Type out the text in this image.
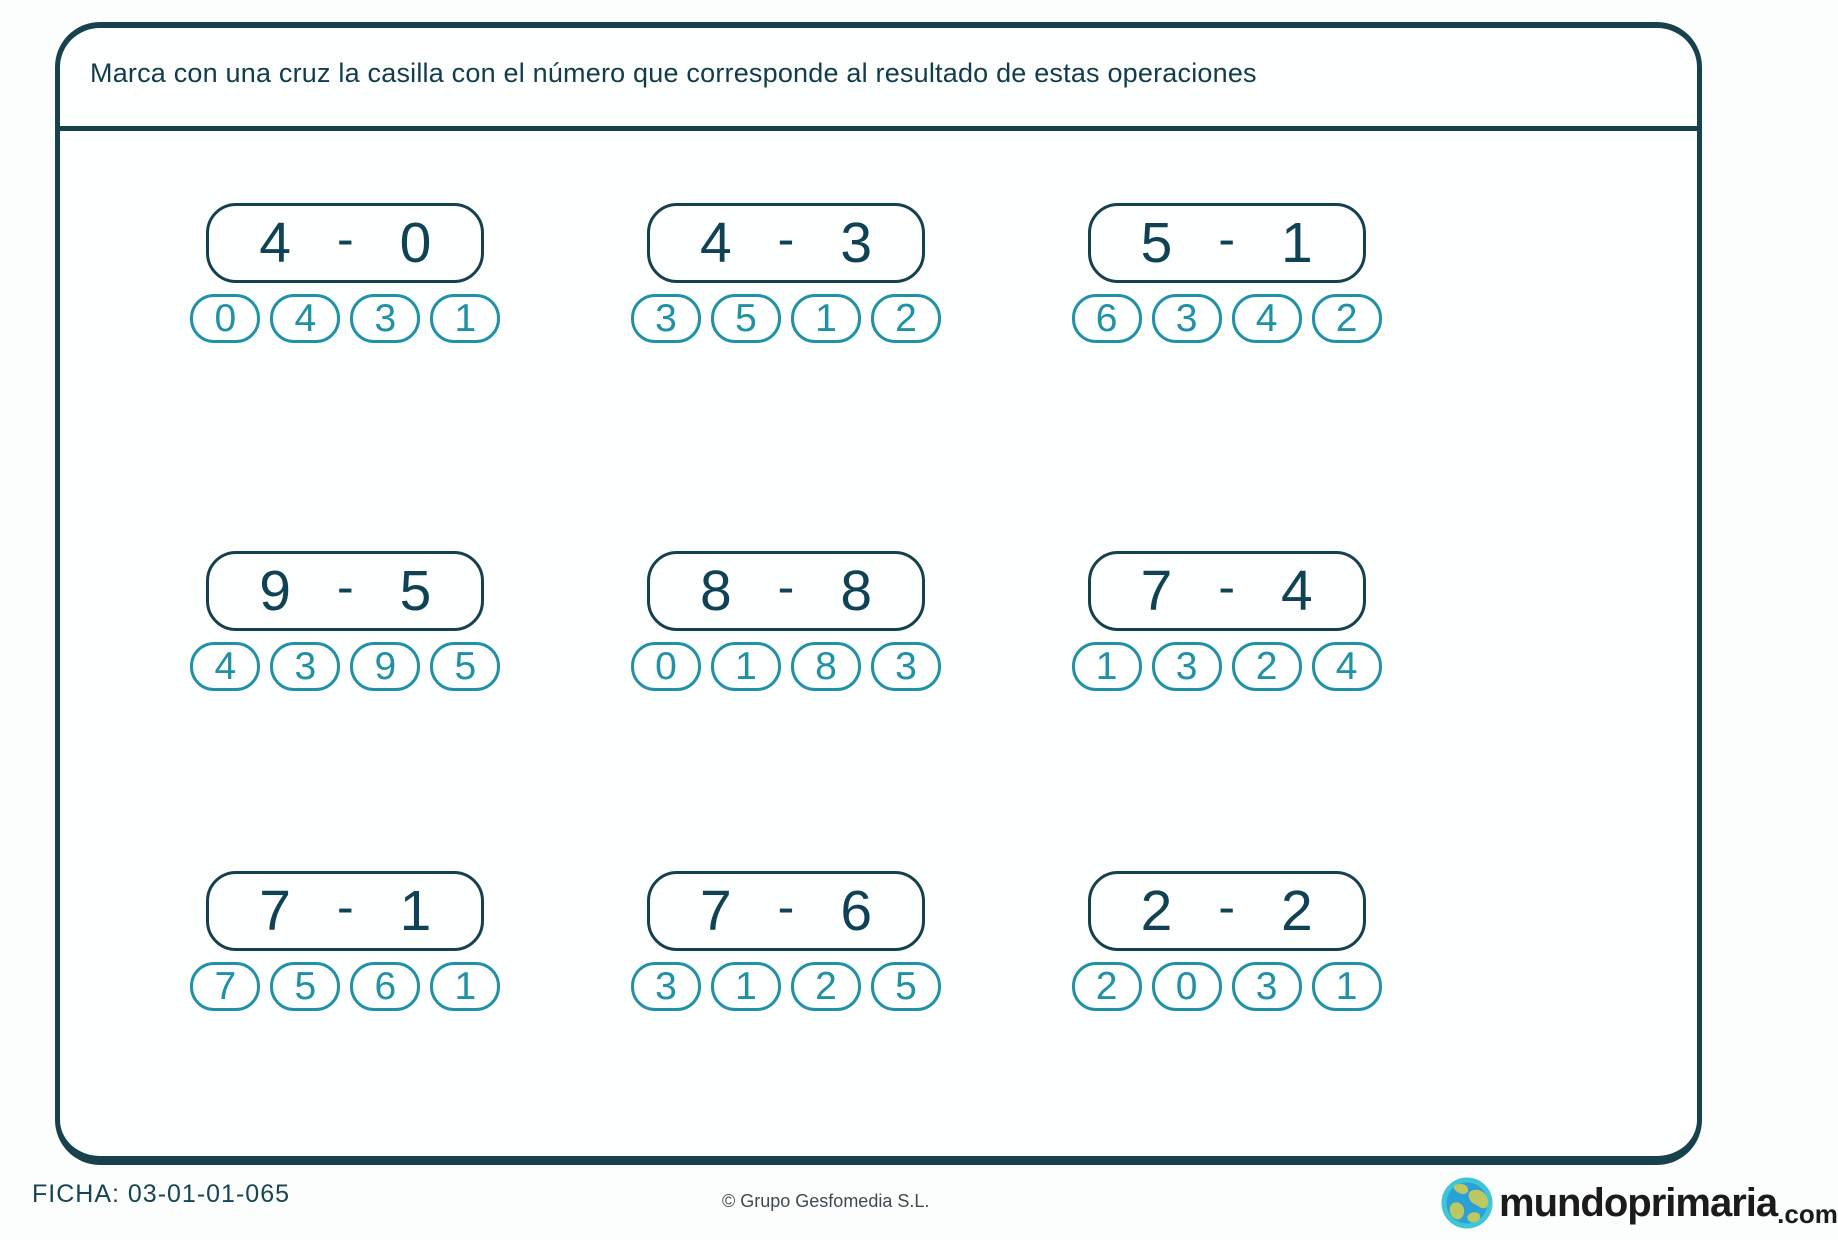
Marca con una cruz la casilla con el número que corresponde al resultado de estas operaciones
4 - 0
0 4 3 1
4 - 3
3 5 1 2
5 - 1
6 3 4 2
9 - 5
4 3 9 5
8 - 8
0 1 8 3
7 - 4
1 3 2 4
7 - 1
7 5 6 1
7 - 6
3 1 2 5
2 - 2
2 0 3 1
FICHA: 03-01-01-065	© Grupo Gesfomedia S.L.	mundoprimaria .com
